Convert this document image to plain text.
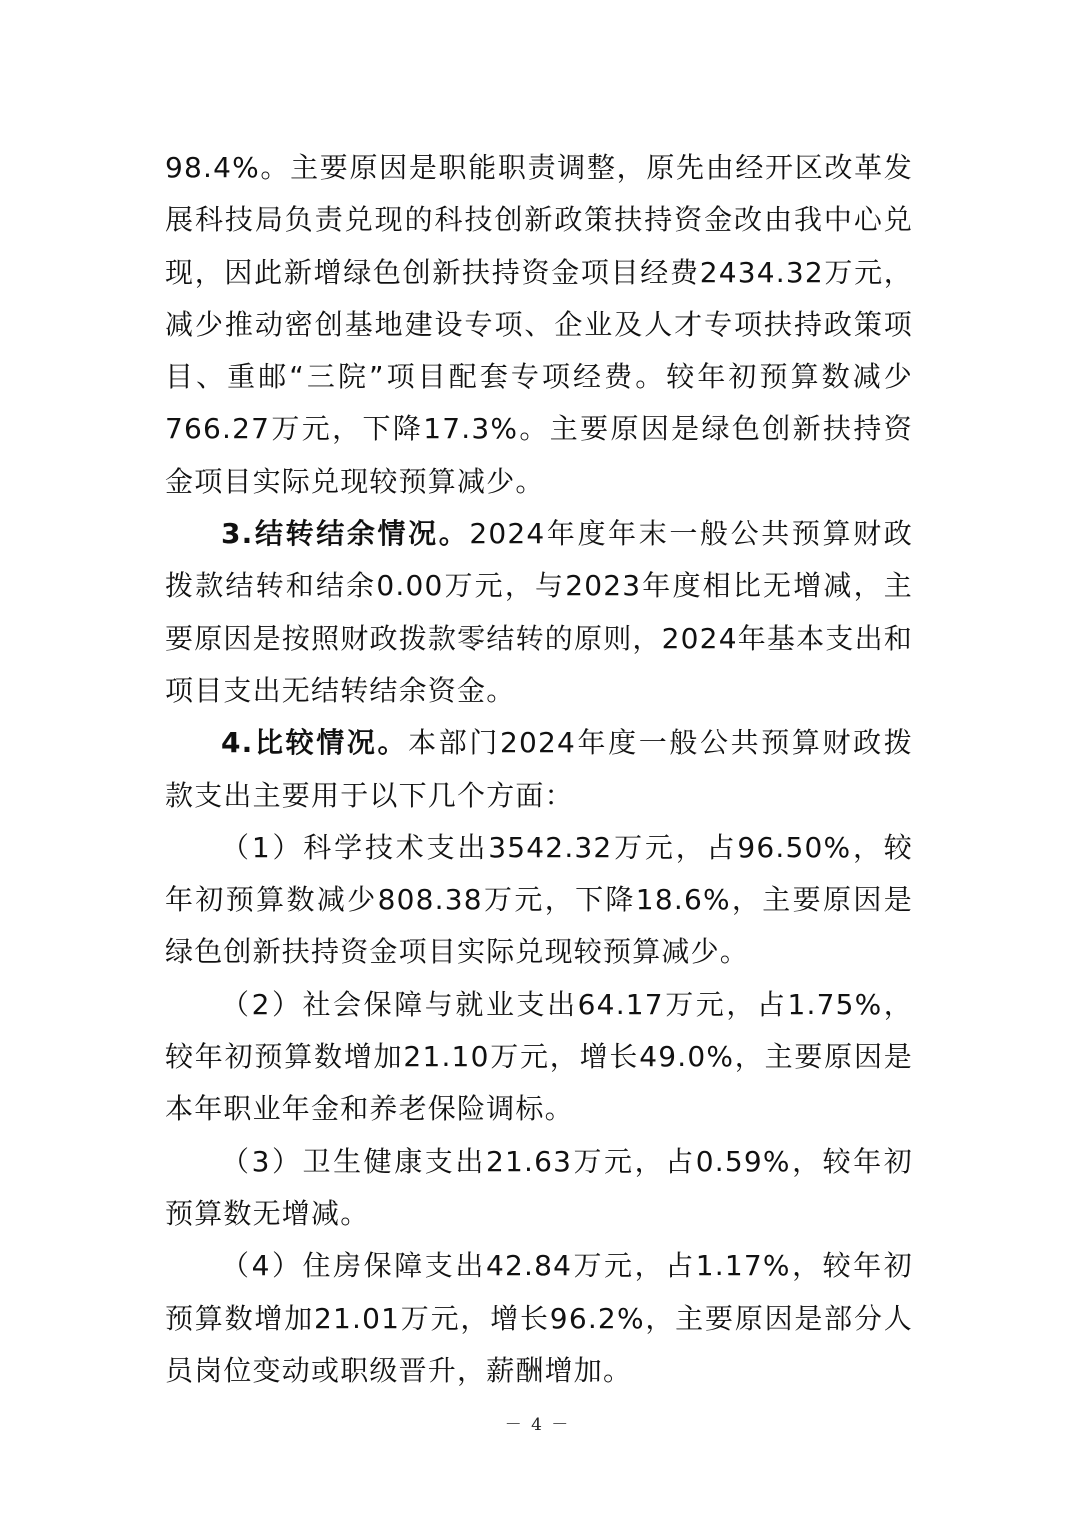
98.4%。主要原因是职能职责调整，原先由经开区改革发展科技局负责兑现的科技创新政策扶持资金改由我中心兑现，因此新增绿色创新扶持资金项目经费2434.32万元，减少推动密创基地建设专项、企业及人才专项扶持政策项目、重邮“三院”项目配套专项经费。较年初预算数减少766.27万元，下降17.3%。主要原因是绿色创新扶持资金项目实际兑现较预算减少。

3.结转结余情况。2024年度年末一般公共预算财政拨款结转和结余0.00万元，与2023年度相比无增减，主要原因是按照财政拨款零结转的原则，2024年基本支出和项目支出无结转结余资金。

4.比较情况。本部门2024年度一般公共预算财政拨款支出主要用于以下几个方面：

（1）科学技术支出3542.32万元，占96.50%，较年初预算数减少808.38万元，下降18.6%，主要原因是绿色创新扶持资金项目实际兑现较预算减少。

（2）社会保障与就业支出64.17万元，占1.75%，较年初预算数增加21.10万元，增长49.0%，主要原因是本年职业年金和养老保险调标。

（3）卫生健康支出21.63万元，占0.59%，较年初预算数无增减。

（4）住房保障支出42.84万元，占1.17%，较年初预算数增加21.01万元，增长96.2%，主要原因是部分人员岗位变动或职级晋升，薪酬增加。

－ 4 －
